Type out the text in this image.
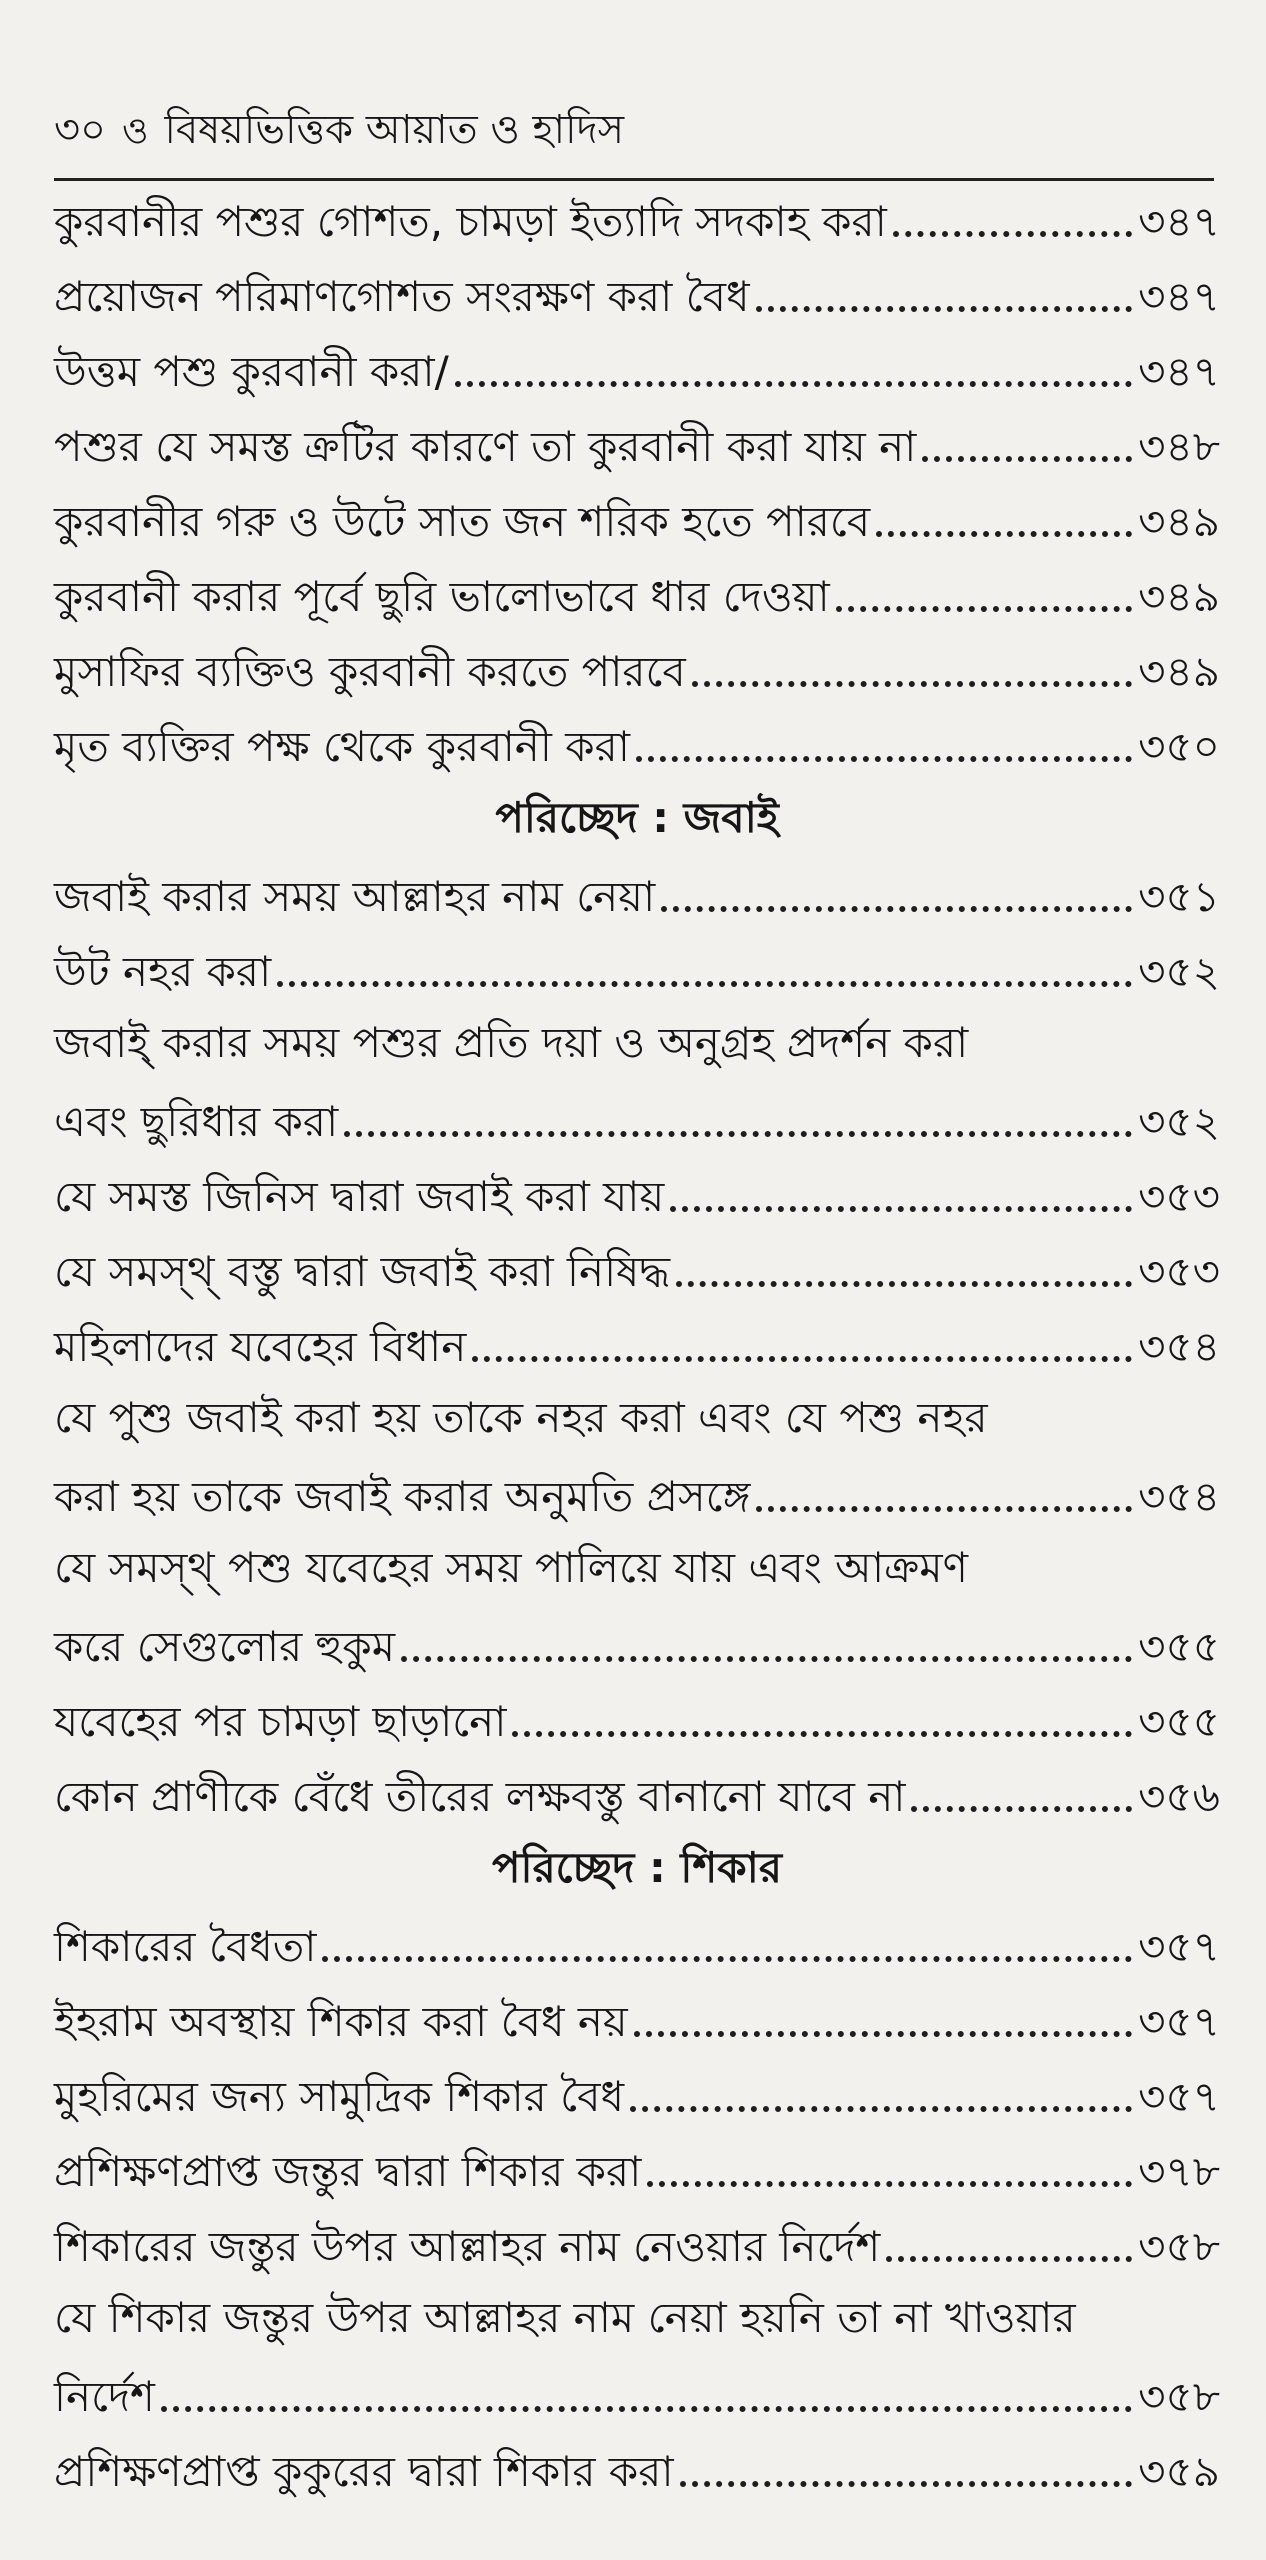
৩০ ও বিষয়ভিত্তিক আয়াত ও হাদিস
কুরবানীর পশুর গোশত, চামড়া ইত্যাদি সদকাহ করা	৩৪৭
প্রয়োজন পরিমাণগোশত সংরক্ষণ করা বৈধ	৩৪৭
উত্তম পশু কুরবানী করা/	৩৪৭
পশুর যে সমস্ত ক্রটির কারণে তা কুরবানী করা যায় না	৩৪৮
কুরবানীর গরু ও উটে সাত জন শরিক হতে পারবে	৩৪৯
কুরবানী করার পূর্বে ছুরি ভালোভাবে ধার দেওয়া	৩৪৯
মুসাফির ব্যক্তিও কুরবানী করতে পারবে	৩৪৯
মৃত ব্যক্তির পক্ষ থেকে কুরবানী করা	৩৫০
পরিচ্ছেদ : জবাই
জবাই করার সময় আল্লাহর নাম নেয়া	৩৫১
উট নহর করা	৩৫২
জবাই্ করার সময় পশুর প্রতি দয়া ও অনুগ্রহ প্রদর্শন করা
এবং ছুরিধার করা	৩৫২
যে সমস্ত জিনিস দ্বারা জবাই করা যায়	৩৫৩
যে সমস্থ্ বস্তু দ্বারা জবাই করা নিষিদ্ধ	৩৫৩
মহিলাদের যবেহের বিধান	৩৫৪
যে পুশু জবাই করা হয় তাকে নহর করা এবং যে পশু নহর
করা হয় তাকে জবাই করার অনুমতি প্রসঙ্গে	৩৫৪
যে সমস্থ্ পশু যবেহের সময় পালিয়ে যায় এবং আক্রমণ
করে সেগুলোর হুকুম	৩৫৫
যবেহের পর চামড়া ছাড়ানো	৩৫৫
কোন প্রাণীকে বেঁধে তীরের লক্ষবস্তু বানানো যাবে না	৩৫৬
পরিচ্ছেদ : শিকার
শিকারের বৈধতা	৩৫৭
ইহরাম অবস্থায় শিকার করা বৈধ নয়	৩৫৭
মুহরিমের জন্য সামুদ্রিক শিকার বৈধ	৩৫৭
প্রশিক্ষণপ্রাপ্ত জন্তুর দ্বারা শিকার করা	৩৭৮
শিকারের জন্তুর উপর আল্লাহর নাম নেওয়ার নির্দেশ	৩৫৮
যে শিকার জন্তুর উপর আল্লাহর নাম নেয়া হয়নি তা না খাওয়ার
নির্দেশ	৩৫৮
প্রশিক্ষণপ্রাপ্ত কুকুরের দ্বারা শিকার করা	৩৫৯
